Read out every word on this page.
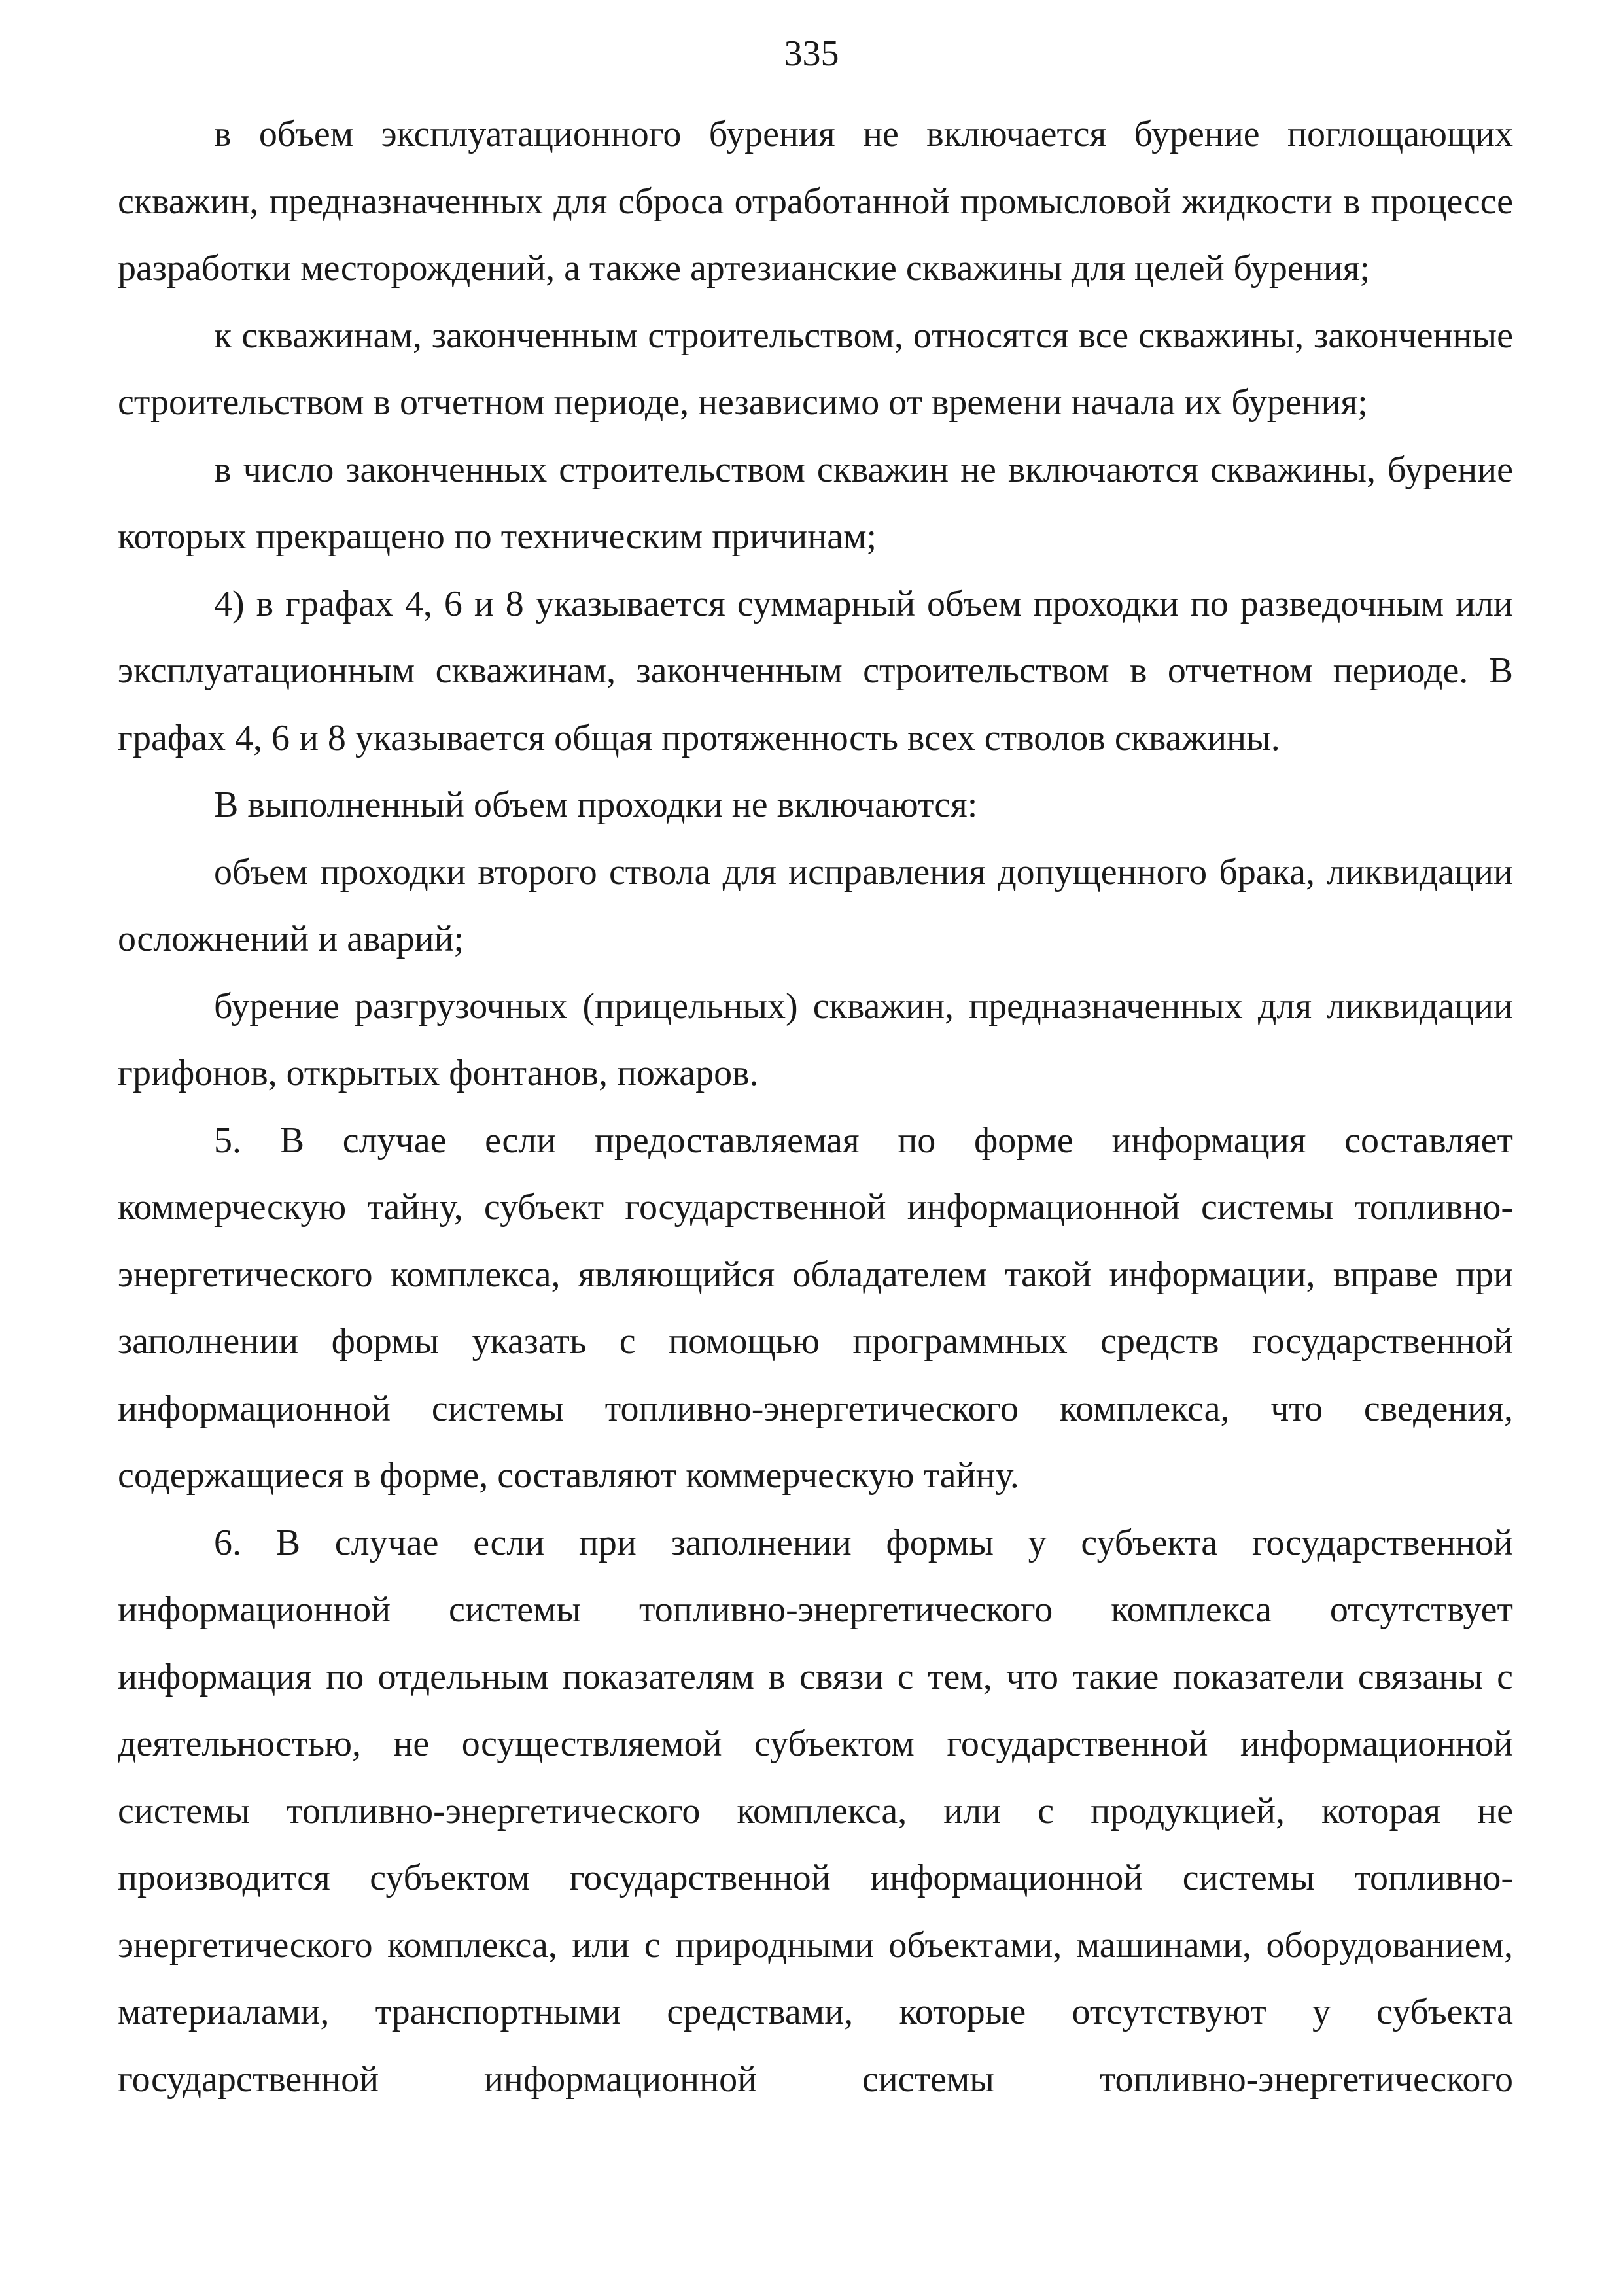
335

в объем эксплуатационного бурения не включается бурение поглощающих скважин, предназначенных для сброса отработанной промысловой жидкости в процессе разработки месторождений, а также артезианские скважины для целей бурения;

к скважинам, законченным строительством, относятся все скважины, законченные строительством в отчетном периоде, независимо от времени начала их бурения;

в число законченных строительством скважин не включаются скважины, бурение которых прекращено по техническим причинам;

4) в графах 4, 6 и 8 указывается суммарный объем проходки по разведочным или эксплуатационным скважинам, законченным строительством в отчетном периоде. В графах 4, 6 и 8 указывается общая протяженность всех стволов скважины.

В выполненный объем проходки не включаются:

объем проходки второго ствола для исправления допущенного брака, ликвидации осложнений и аварий;

бурение разгрузочных (прицельных) скважин, предназначенных для ликвидации грифонов, открытых фонтанов, пожаров.

5. В случае если предоставляемая по форме информация составляет коммерческую тайну, субъект государственной информационной системы топливно-энергетического комплекса, являющийся обладателем такой информации, вправе при заполнении формы указать с помощью программных средств государственной информационной системы топливно-энергетического комплекса, что сведения, содержащиеся в форме, составляют коммерческую тайну.

6. В случае если при заполнении формы у субъекта государственной информационной системы топливно-энергетического комплекса отсутствует информация по отдельным показателям в связи с тем, что такие показатели связаны с деятельностью, не осуществляемой субъектом государственной информационной системы топливно-энергетического комплекса, или с продукцией, которая не производится субъектом государственной информационной системы топливно-энергетического комплекса, или с природными объектами, машинами, оборудованием, материалами, транспортными средствами, которые отсутствуют у субъекта государственной информационной системы топливно-энергетического
